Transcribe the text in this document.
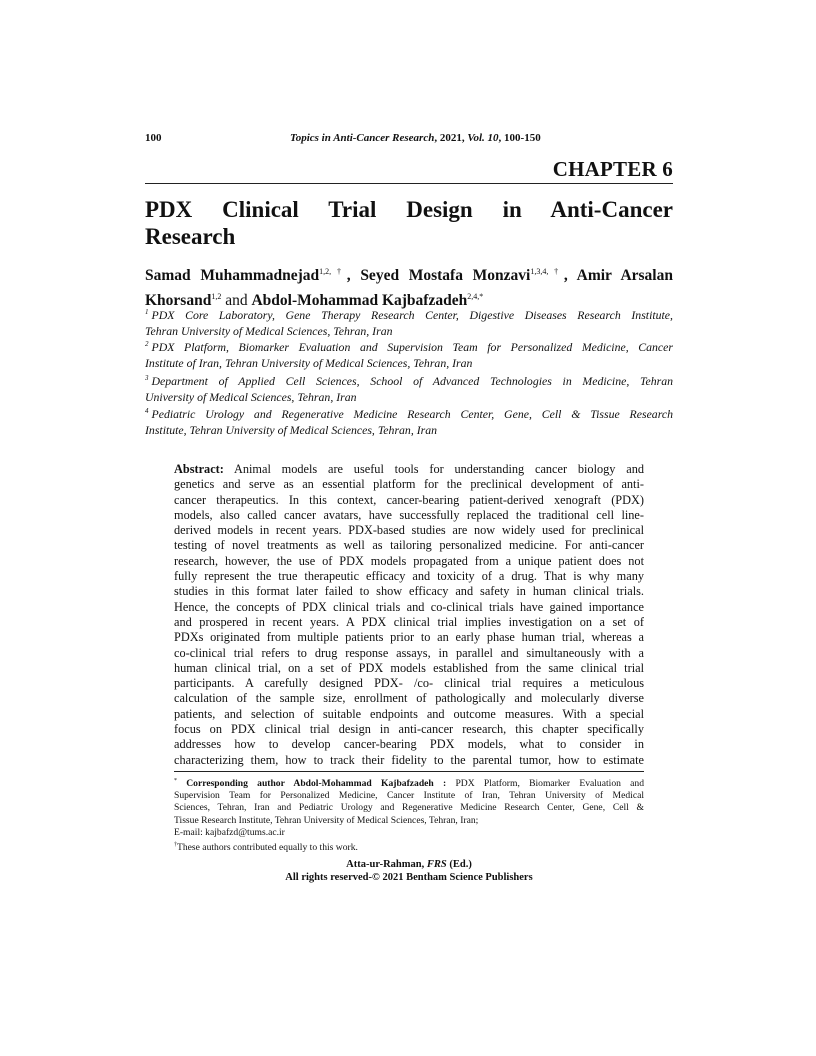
100	Topics in Anti-Cancer Research, 2021, Vol. 10, 100-150
CHAPTER 6
PDX Clinical Trial Design in Anti-Cancer
Research
Samad Muhammadnejad$^{1,2,\dagger}$, Seyed Mostafa Monzavi$^{1,3,4,\dagger}$, Amir Arsalan
Khorsand$^{1,2}$ and Abdol-Mohammad Kajbafzadeh$^{2,4,*}$
$^1$ PDX Core Laboratory, Gene Therapy Research Center, Digestive Diseases Research Institute,
Tehran University of Medical Sciences, Tehran, Iran
$^2$ PDX Platform, Biomarker Evaluation and Supervision Team for Personalized Medicine, Cancer
Institute of Iran, Tehran University of Medical Sciences, Tehran, Iran
$^3$ Department of Applied Cell Sciences, School of Advanced Technologies in Medicine, Tehran
University of Medical Sciences, Tehran, Iran
$^4$ Pediatric Urology and Regenerative Medicine Research Center, Gene, Cell & Tissue Research
Institute, Tehran University of Medical Sciences, Tehran, Iran
Abstract: Animal models are useful tools for understanding cancer biology and
genetics and serve as an essential platform for the preclinical development of anti-
cancer therapeutics. In this context, cancer-bearing patient-derived xenograft (PDX)
models, also called cancer avatars, have successfully replaced the traditional cell line-
derived models in recent years. PDX-based studies are now widely used for preclinical
testing of novel treatments as well as tailoring personalized medicine. For anti-cancer
research, however, the use of PDX models propagated from a unique patient does not
fully represent the true therapeutic efficacy and toxicity of a drug. That is why many
studies in this format later failed to show efficacy and safety in human clinical trials.
Hence, the concepts of PDX clinical trials and co-clinical trials have gained importance
and prospered in recent years. A PDX clinical trial implies investigation on a set of
PDXs originated from multiple patients prior to an early phase human trial, whereas a
co-clinical trial refers to drug response assays, in parallel and simultaneously with a
human clinical trial, on a set of PDX models established from the same clinical trial
participants. A carefully designed PDX- /co- clinical trial requires a meticulous
calculation of the sample size, enrollment of pathologically and molecularly diverse
patients, and selection of suitable endpoints and outcome measures. With a special
focus on PDX clinical trial design in anti-cancer research, this chapter specifically
addresses how to develop cancer-bearing PDX models, what to consider in
characterizing them, how to track their fidelity to the parental tumor, how to estimate
* Corresponding author Abdol-Mohammad Kajbafzadeh : PDX Platform, Biomarker Evaluation and
Supervision Team for Personalized Medicine, Cancer Institute of Iran, Tehran University of Medical
Sciences, Tehran, Iran and Pediatric Urology and Regenerative Medicine Research Center, Gene, Cell &
Tissue Research Institute, Tehran University of Medical Sciences, Tehran, Iran;
E-mail: kajbafzd@tums.ac.ir
†These authors contributed equally to this work.
Atta-ur-Rahman, FRS (Ed.)
All rights reserved-© 2021 Bentham Science Publishers
